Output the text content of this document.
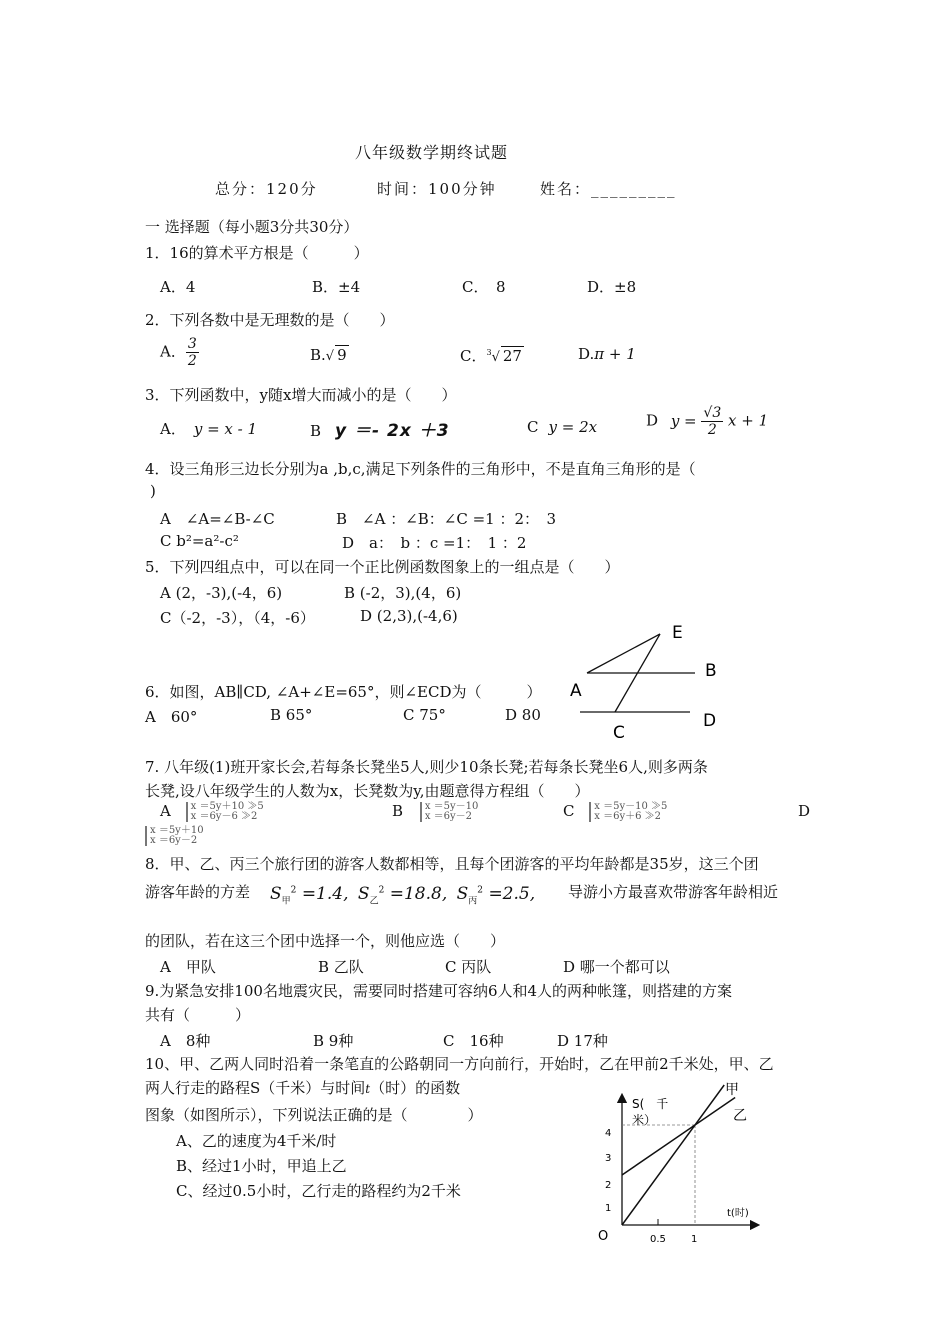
八年级数学期终试题
总分：120分	时间：100分钟	姓名：_________
一 选择题（每小题3分共30分）
1．16的算术平方根是（　　　）
A．4	B．±4	C．　8	D．±8
2．下列各数中是无理数的是（　　）
A． $\frac{3}{2}$	B.√ 9	C．$^3$√ 27	D.π + 1
3．下列函数中，y随x增大而减小的是（　　）
A． y = x - 1	B y ＝- 2x ＋3	C y = 2x	D $y = \frac{√3}{2}$ x + 1
4．设三角形三边长分别为a ,b,c,满足下列条件的三角形中，不是直角三角形的是（
)
A　∠A=∠B-∠C	B　∠A ：∠B：∠C =1 ：2：　3
C b²=a²-c²	D　a：　b ：c =1：　1 ：2
5．下列四组点中，可以在同一个正比例函数图象上的一组点是（　　）
A (2，-3),(-4，6)	B (-2，3),(4，6)
C（-2，-3），（4，-6）	D (2,3),(-4,6)
E
B
A
C
D
6．如图，AB∥CD, ∠A+∠E=65°，则∠ECD为（　　　）
A　60°	B 65°	C 75°	D 80
7. 八年级(1)班开家长会,若每条长凳坐5人,则少10条长凳;若每条长凳坐6人,则多两条
长凳,设八年级学生的人数为x，长凳数为y,由题意得方程组（　　）
A x ＝5y＋10 ≫5
x ＝6y－6 ≫2	B x ＝5y－10
x ＝6y－2	C x ＝5y－10 ≫5
x ＝6y＋6 ≫2	D
x ＝5y＋10
x ＝6y－2
8．甲、乙、丙三个旅行团的游客人数都相等，且每个团游客的平均年龄都是35岁，这三个团
游客年龄的方差 $S_甲^2 =1.4$, $S_乙^2 =18.8$, $S_丙^2 =2.5$, 导游小方最喜欢带游客年龄相近
的团队，若在这三个团中选择一个，则他应选（　　）
A　甲队	B 乙队	C 丙队	D 哪一个都可以
9.为紧急安排100名地震灾民，需要同时搭建可容纳6人和4人的两种帐篷，则搭建的方案
共有（　　　）
A　8种	B 9种	C　16种	D 17种
10、甲、乙两人同时沿着一条笔直的公路朝同一方向前行，开始时，乙在甲前2千米处，甲、乙
两人行走的路程S（千米）与时间t（时）的函数
图象（如图所示），下列说法正确的是（　　　　）
A、乙的速度为4千米/时
B、经过1小时，甲追上乙
C、经过0.5小时，乙行走的路程约为2千米
S(　千
米）
t(时)
O
4
3
2
1
0.5	1
甲
乙
